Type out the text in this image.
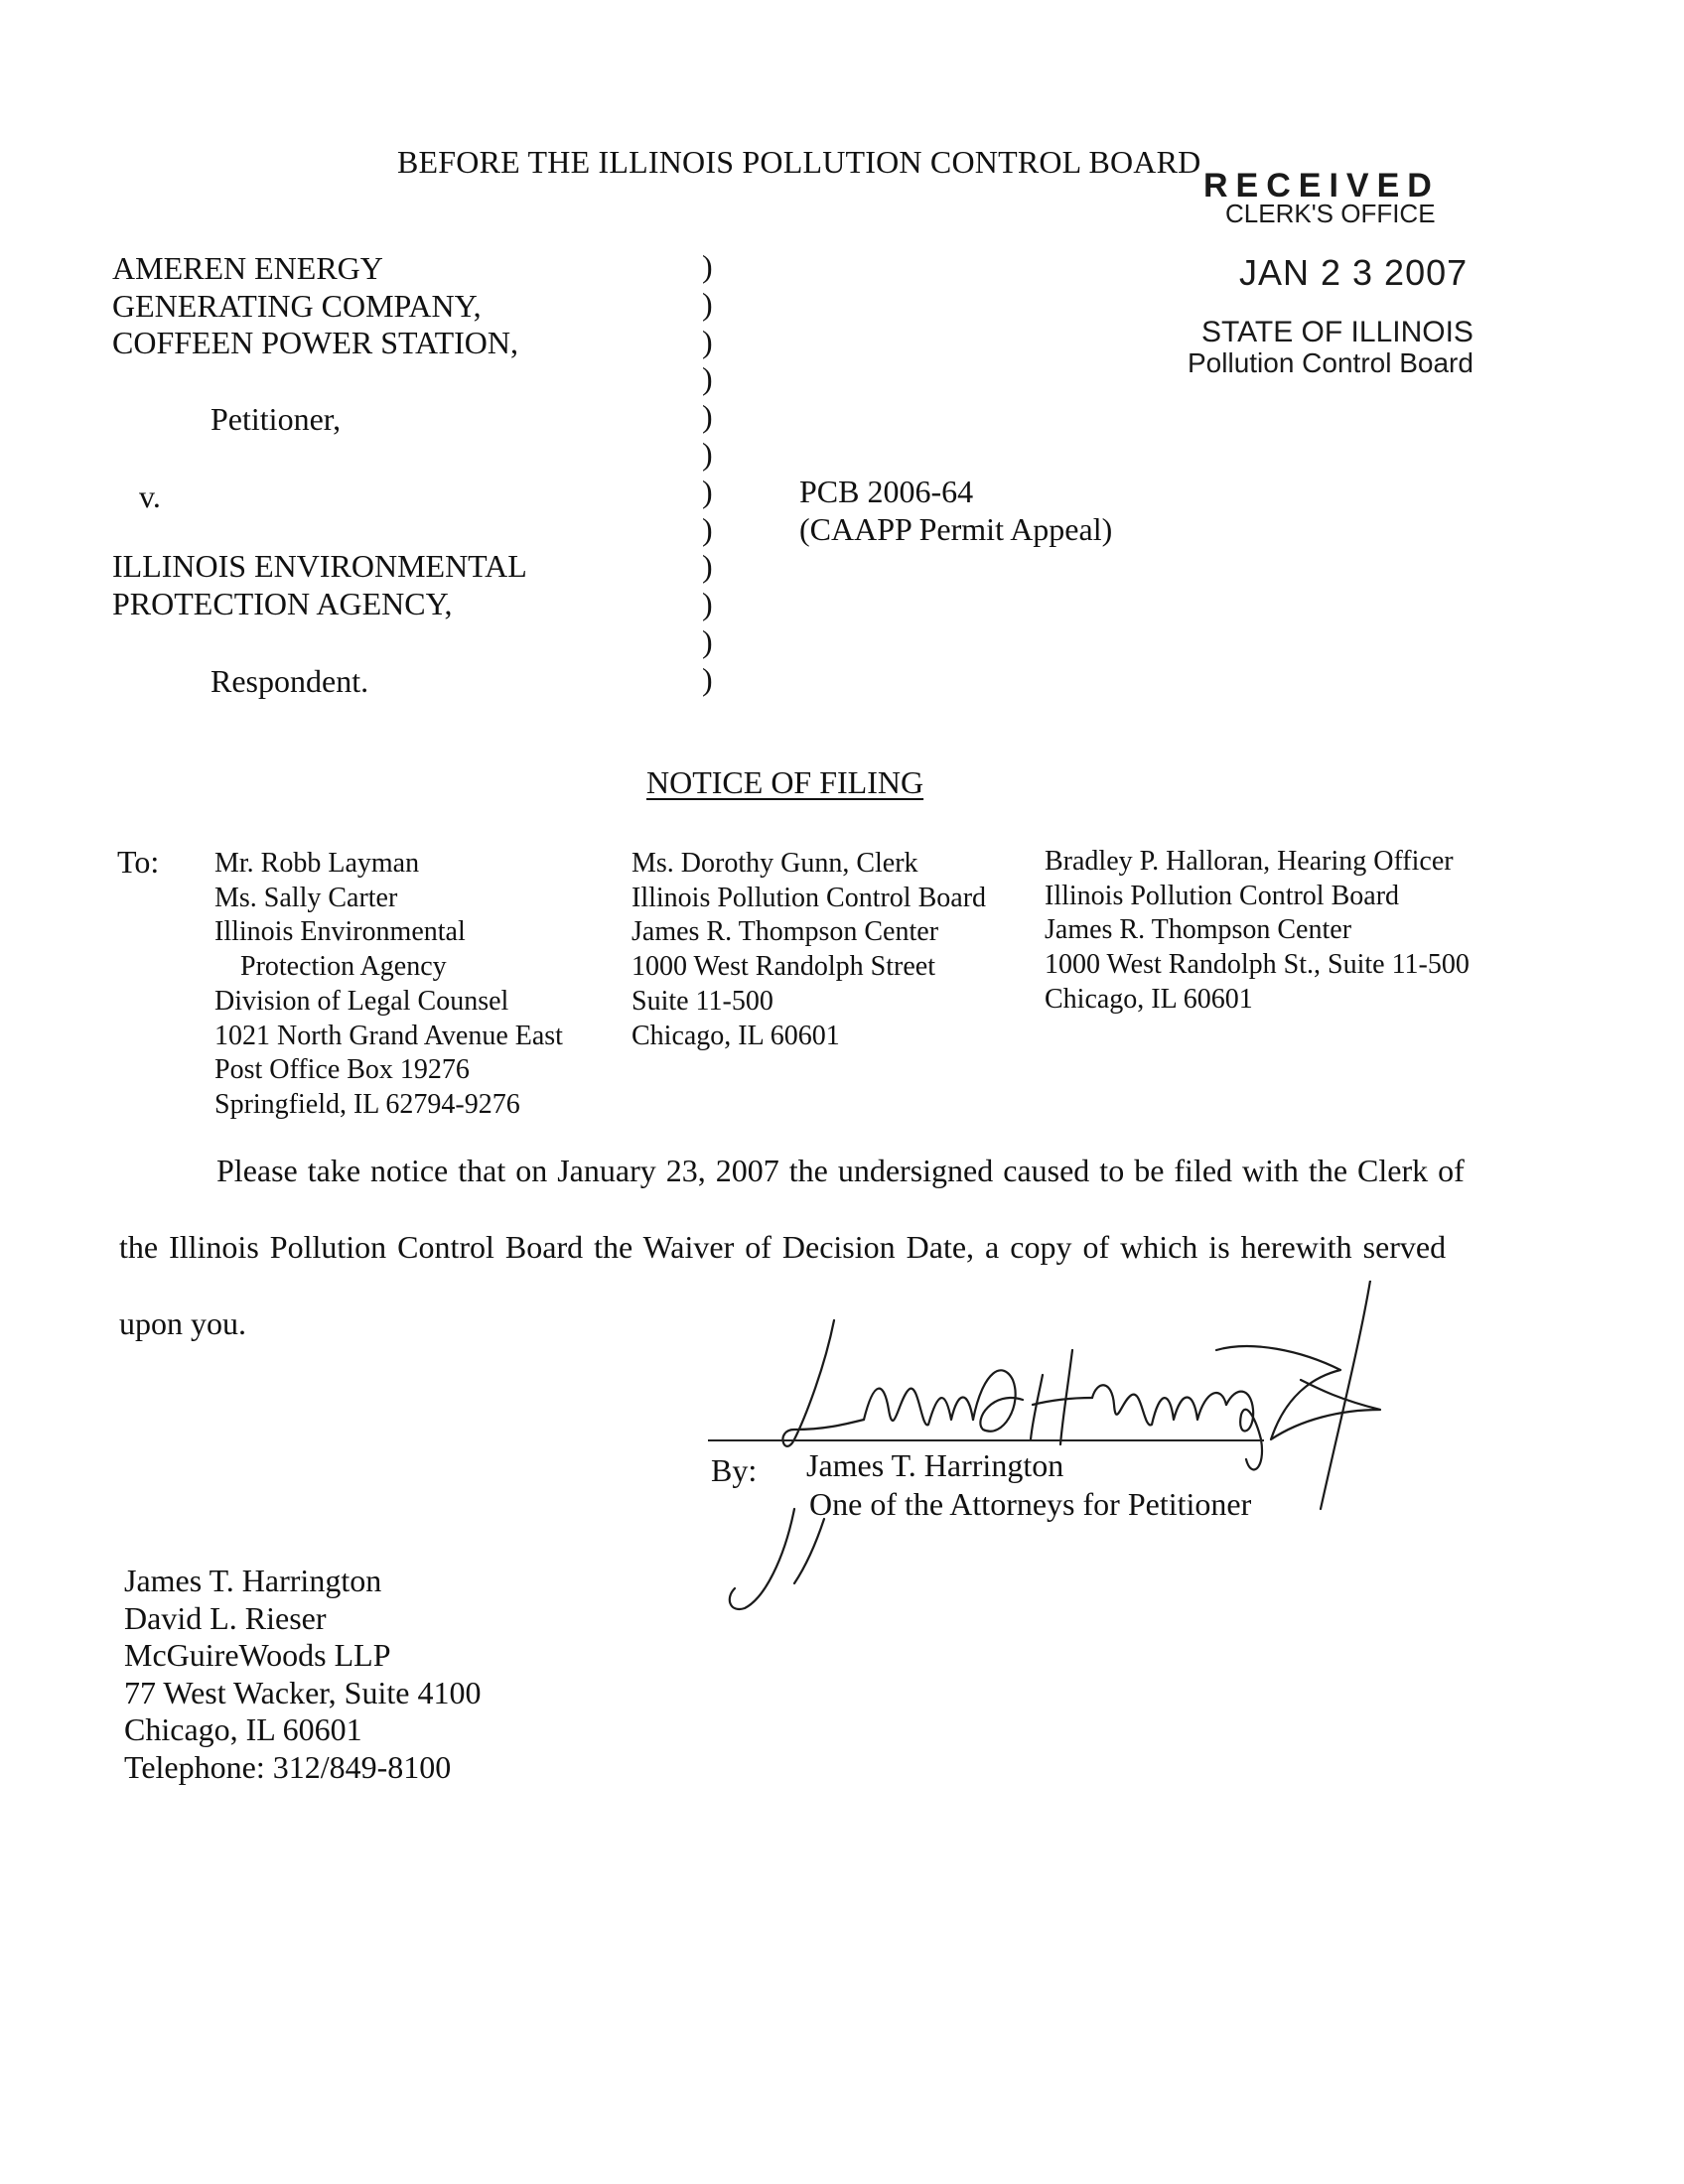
BEFORE THE ILLINOIS POLLUTION CONTROL BOARD
RECEIVED
CLERK'S OFFICE
JAN 2 3 2007
STATE OF ILLINOIS
Pollution Control Board
AMEREN ENERGY
GENERATING COMPANY,
COFFEEN POWER STATION,
Petitioner,
v.
ILLINOIS ENVIRONMENTAL
PROTECTION AGENCY,
Respondent.
)
)
)
)
)
)
)
)
)
)
)
)
PCB 2006-64
(CAAPP Permit Appeal)
NOTICE OF FILING
To: Mr. Robb Layman
Ms. Sally Carter
Illinois Environmental
Protection Agency
Division of Legal Counsel
1021 North Grand Avenue East
Post Office Box 19276
Springfield, IL 62794-9276
Ms. Dorothy Gunn, Clerk
Illinois Pollution Control Board
James R. Thompson Center
1000 West Randolph Street
Suite 11-500
Chicago, IL 60601
Bradley P. Halloran, Hearing Officer
Illinois Pollution Control Board
James R. Thompson Center
1000 West Randolph St., Suite 11-500
Chicago, IL 60601
Please take notice that on January 23, 2007 the undersigned caused to be filed with the Clerk of
the Illinois Pollution Control Board the Waiver of Decision Date, a copy of which is herewith served
upon you.
By: James T. Harrington
One of the Attorneys for Petitioner
James T. Harrington
David L. Rieser
McGuireWoods LLP
77 West Wacker, Suite 4100
Chicago, IL 60601
Telephone: 312/849-8100
